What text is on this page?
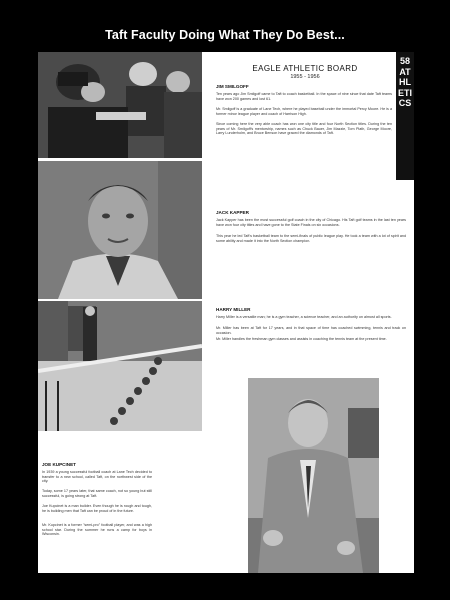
Taft Faculty Doing What They Do Best...
58
ATHLETICS
EAGLE ATHLETIC BOARD
1955 - 1956
JIM SMILGOFF

Ten years ago Jim Smilgoff came to Taft to coach basketball. In the space of nine since that date Taft teams have won 200 games and lost 61.

Mr. Smilgoff is a graduate of Lane Tech, where he played baseball under the immortal Percy Moore. He is a former minor league player and coach of Harrison High.

Since coming here the very able coach has won one city title and four North Section titles. During the ten years of Mr. Smilgoff's mentorship, names such as Chuck Bauer, Jim Mazzie, Tom Plath, George Moore, Larry Lunderholm, and Bruce Benson have graced the diamonds of Taft.

JACK KAPPER

Jack Kapper has been the most successful golf coach in the city of Chicago. His Taft golf teams in the last ten years have won four city titles and have gone to the State Finals on six occasions.

This year he led Taft's basketball team to the semi-finals of public league play. He took a team with a lot of spirit and some ability and made it into the North Section champion.

HARRY MILLER

Harry Miller is a versatile man; he is a gym teacher, a science teacher, and an authority on almost all sports.

Mr. Miller has been at Taft for 17 years, and in that space of time has coached swimming, tennis and track on occasion.

Mr. Miller handles the freshman gym classes and assists in coaching the tennis team at the present time.

JOE KUPCINET

In 1939 a young successful football coach at Lane Tech decided to transfer to a new school, called Taft, on the northwest side of the city.

Today, some 17 years later, that same coach, not so young but still successful, is going strong at Taft.

Joe Kupcinet is a man builder. Even though he is rough and tough, he is building men that Taft can be proud of in the future.

Mr. Kupcinet is a former "semi-pro" football player, and was a high school star. During the summer he runs a camp for boys in Wisconsin.
